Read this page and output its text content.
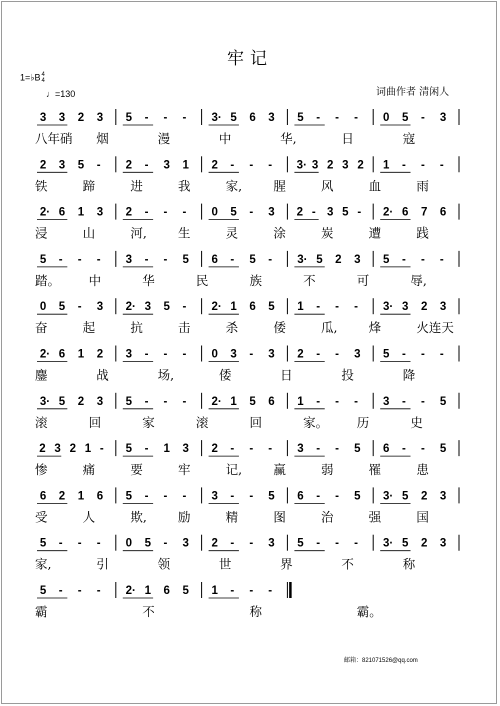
牢记
1=♭B4
4
♩=130	词曲作者 清闲人
3 3 2 3 5 - - - 3· 5 6 3 5 - - - 0 5 - 3
八年硝 烟	漫	中	华,	日	寇
2 3 5 - 2 - 3 1 2 - - - 3· 3 2 3 2 1 - - -
铁	蹄	进	我	家, 腥	风	血	雨
2· 6 1 3 2 - - - 0 5 - 3 2 - 3 5 - 2· 6 7 6
浸	山	河, 生	灵	涂	炭	遭	践
5 - - - 3 - - 5 6 - 5 - 3· 5 2 3 5 - - -
踏。 中	华	民	族	不	可	辱,
0 5 - 3 2· 3 5 - 2· 1 6 5 1 - - - 3· 3 2 3
奋	起	抗	击	杀	倭	瓜, 烽	火连天
2· 6 1 2 3 - - - 0 3 - 3 2 - - 3 5 - - -
鏖	战	场,	倭	日	投	降
3· 5 2 3 5 - - - 2· 1 5 6 1 - - - 3 - - 5
滚	回	家	滚	回	家。 历	史
2 3 2 1 - 5 - 1 3 2 - - - 3 - - 5 6 - - 5
惨	痛	要	牢	记, 赢	弱	罹	患
6 2 1 6 5 - - - 3 - - 5 6 - - 5 3· 5 2 3
受	人	欺, 励	精	图	治	强	国
5 - - - 0 5 - 3 2 - - 3 5 - - - 3· 5 2 3
家,	引	领	世	界	不	称
5 - - - 2· 1 6 5 1 - - -
霸	不	称	霸。
邮箱：821071526@qq.com
